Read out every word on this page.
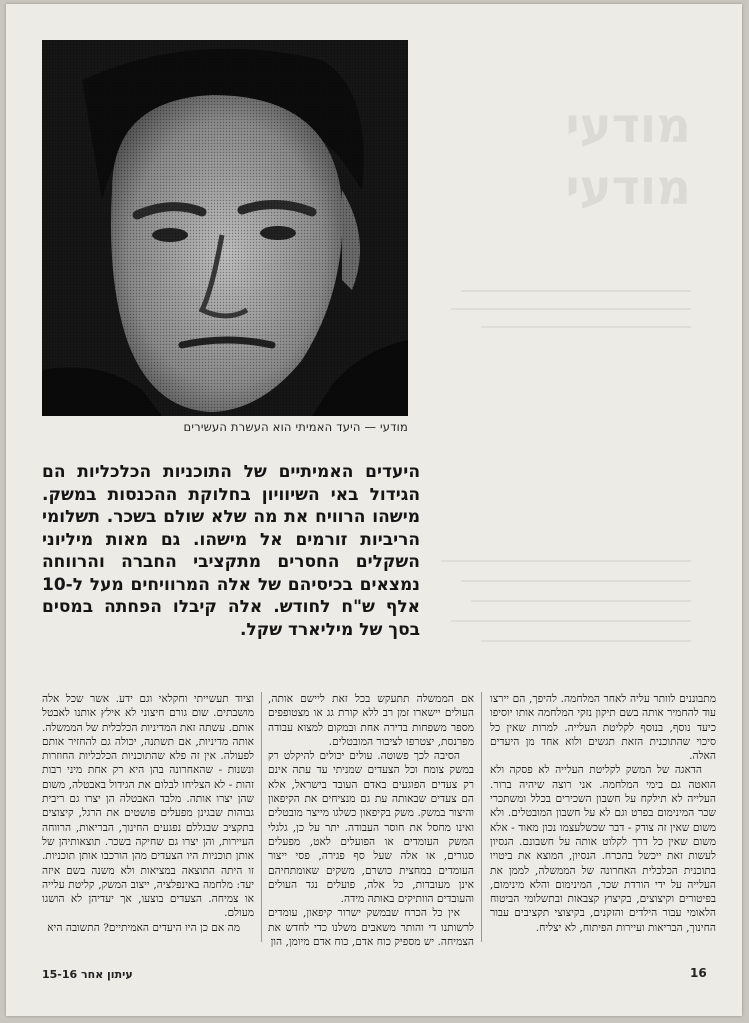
מודעי — היעד האמיתי הוא העשרת העשירים
מודעי מודעי
היעדים האמיתיים של התוכניות הכלכליות הם הגידול באי השיוויון בחלוקת ההכנסות במשק. מישהו הרוויח את מה שלא שולם בשכר. תשלומי הריביות זורמים אל מישהו. גם מאות מיליוני השקלים החסרים מתקציבי החברה והרווחה נמצאים בכיסיהם של אלה המרוויחים מעל ל-10 אלף ש"ח לחודש. אלה קיבלו הפחתה במסים בסך של מיליארד שקל.

מתבוננים לוותר עליה לאחר המלחמה. להיפך, הם יירצו עוד להחמיר אותה בשם תיקון נזקי המלחמה אותו יוסיפו כיעד נוסף, בנוסף לקליטת העלייה. למרות שאין כל סיכוי שהתוכנית הזאת תגשים ולוא אחד מן היעדים האלה.

הדאגה של המשק לקליטת העלייה לא פסקה ולא הואטה גם בימי המלחמה. אני רוצה שיהיה ברור. העלייה לא תילקח על חשבון השכירים בכלל ומשתכרי שכר המינימום בפרט וגם לא על חשבון המובטלים. ולא משום שאין זה צודק - דבר שכשלעצמו נכון מאוד - אלא משום שאין כל דרך לקלוט אותה על חשבונם. הנסיון לעשות זאת ייכשל בהכרח. הנסיון, המוצא את ביטויו בתוכנית הכלכלית האחרונה של הממשלה, לממן את העלייה על ידי הורדת שכר, המינימום והלא מינימום, בפיטורים וקיצוצים, בקיצוץ קצבאות ובתשלומי הביטוח הלאומי עבור הילדים והזקנים, בקיצוצי תקציבים עבור החינוך, הבריאות ועיירות הפיתוח, לא יצליח.

אם הממשלה תתעקש בכל זאת ליישם אותה, העולים יישארו זמן רב ללא קורת גג או מצטופפים מספר משפחות בדירה אחת ובמקום למצוא עבודה מפרנסת, יצטרפו לציבור המובטלים.

הסיבה לכך פשוטה. עולים יכולים להיקלט רק במשק צומח וכל הצעדים שמניתי עד עתה אינם רק צעדים הפוגעים באדם העובד בישראל, אלא הם צעדים שבאותה עת גם מנציחים את הקיפאון והיצור במשק. משק בקיפאון כשלגו מייצר מובטלים ואינו מחסל את חוסר העבודה. יתר על כן, גלגלי המשק העומדים או הפועלים לאט, מפעלים סגורים, או אלה שעל סף פגירה, פסי ייצור העומדים במחצית כושרם, משקים שאומתחיהם אינן מעובדות, כל אלה, פועלים נגד העולים והעובדים הוותיקים באותה מידה.

אין כל הכרח שבמשק ישרור קיפאון, עומדים לרשותנו די והותר משאבים משלנו כדי לחדש את הצמיחה. יש מספיק כוח אדם, כוח אדם מיומן, הון

וציוד תעשייתי וחקלאי וגם ידע. אשר שכל אלה מושבתים. שום גורם חיצוני לא אילץ אותנו לאבטל אותם. עשתה זאת המדיניות הכלכלית של הממשלה. אותה מדיניות, אם תשתנה, יכולה גם להחזיר אותם לפעולה. אין זה פלא שהתוכניות הכלכליות החוזרות ונשנות - שהאחרונה בהן היא רק אחת מיני רבות זהות - לא הצליחו לבלום את הגידול באבטלה, משום שהן יצרו אותה. מלבד האבטלה הן יצרו גם ריבית גבוהות שבגינן מפעלים פושטים את הרגל, קיצוצים בתקציב שבגללם נפגעים החינוך, הבריאות, הרווחה העיירות, והן יצרו גם שחיקה בשכר. תוצאותיהן של אותן תוכניות היו הצעדים מהן הורכבו אותן תוכניות. זו היתה התוצאה במציאות ולא משנה בשם איזה יעד: מלחמה באינפלציה, ייצוב המשק, קליטת עלייה או צמיחה. הצעדים בוצעו, אך יעדיהן לא הושגו מעולם.

מה אם כן היו היעדים האמיתיים? התשובה היא

עיתון אחר 15-16	16
